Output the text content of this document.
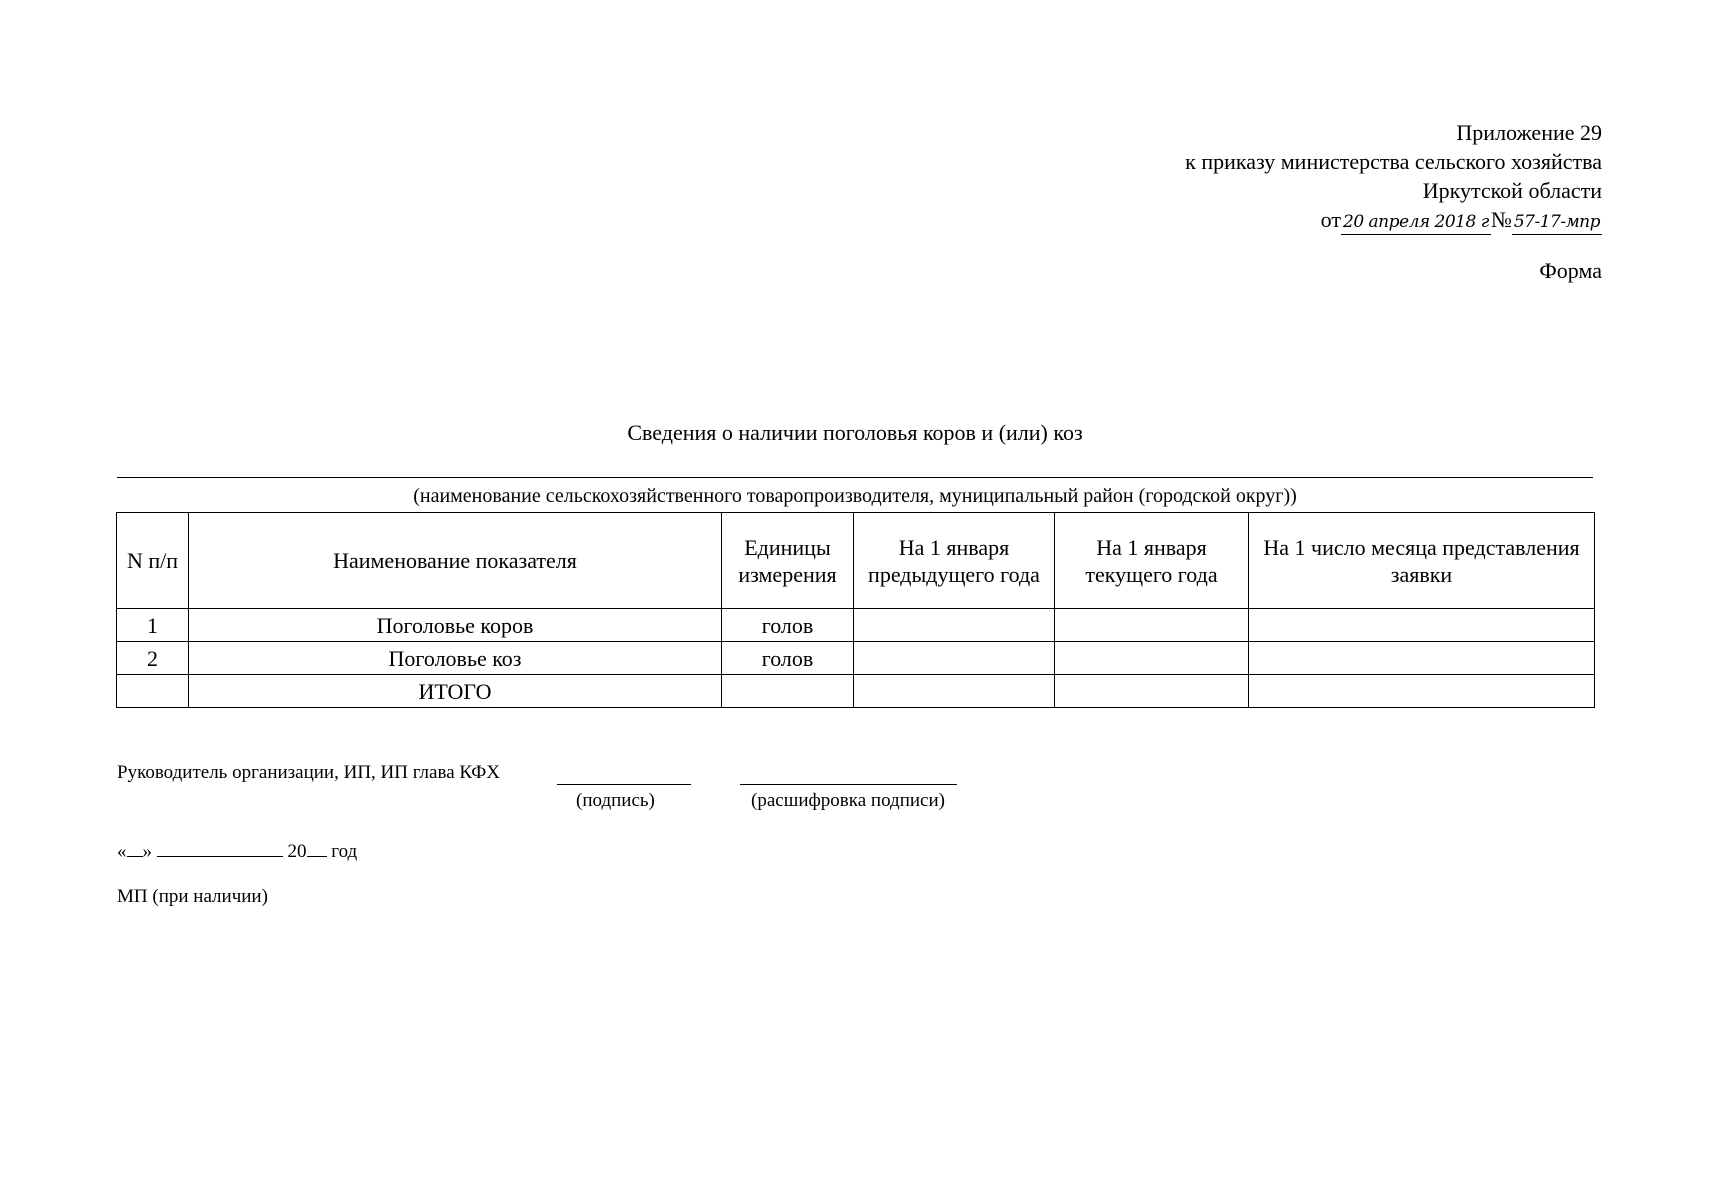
Приложение 29
к приказу министерства сельского хозяйства
Иркутской области
от 20 апреля 2018 г№ 57-17-мпр
Форма
Сведения о наличии поголовья коров и (или) коз
(наименование сельскохозяйственного товаропроизводителя, муниципальный район (городской округ))
N п/п	Наименование показателя	Единицы измерения	На 1 января предыдущего года	На 1 января текущего года	На 1 число месяца представления заявки
1	Поголовье коров	голов			
2	Поголовье коз	голов			
	ИТОГО				
Руководитель организации, ИП, ИП глава КФХ
(подпись)	(расшифровка подписи)
« »	20 год
МП (при наличии)
